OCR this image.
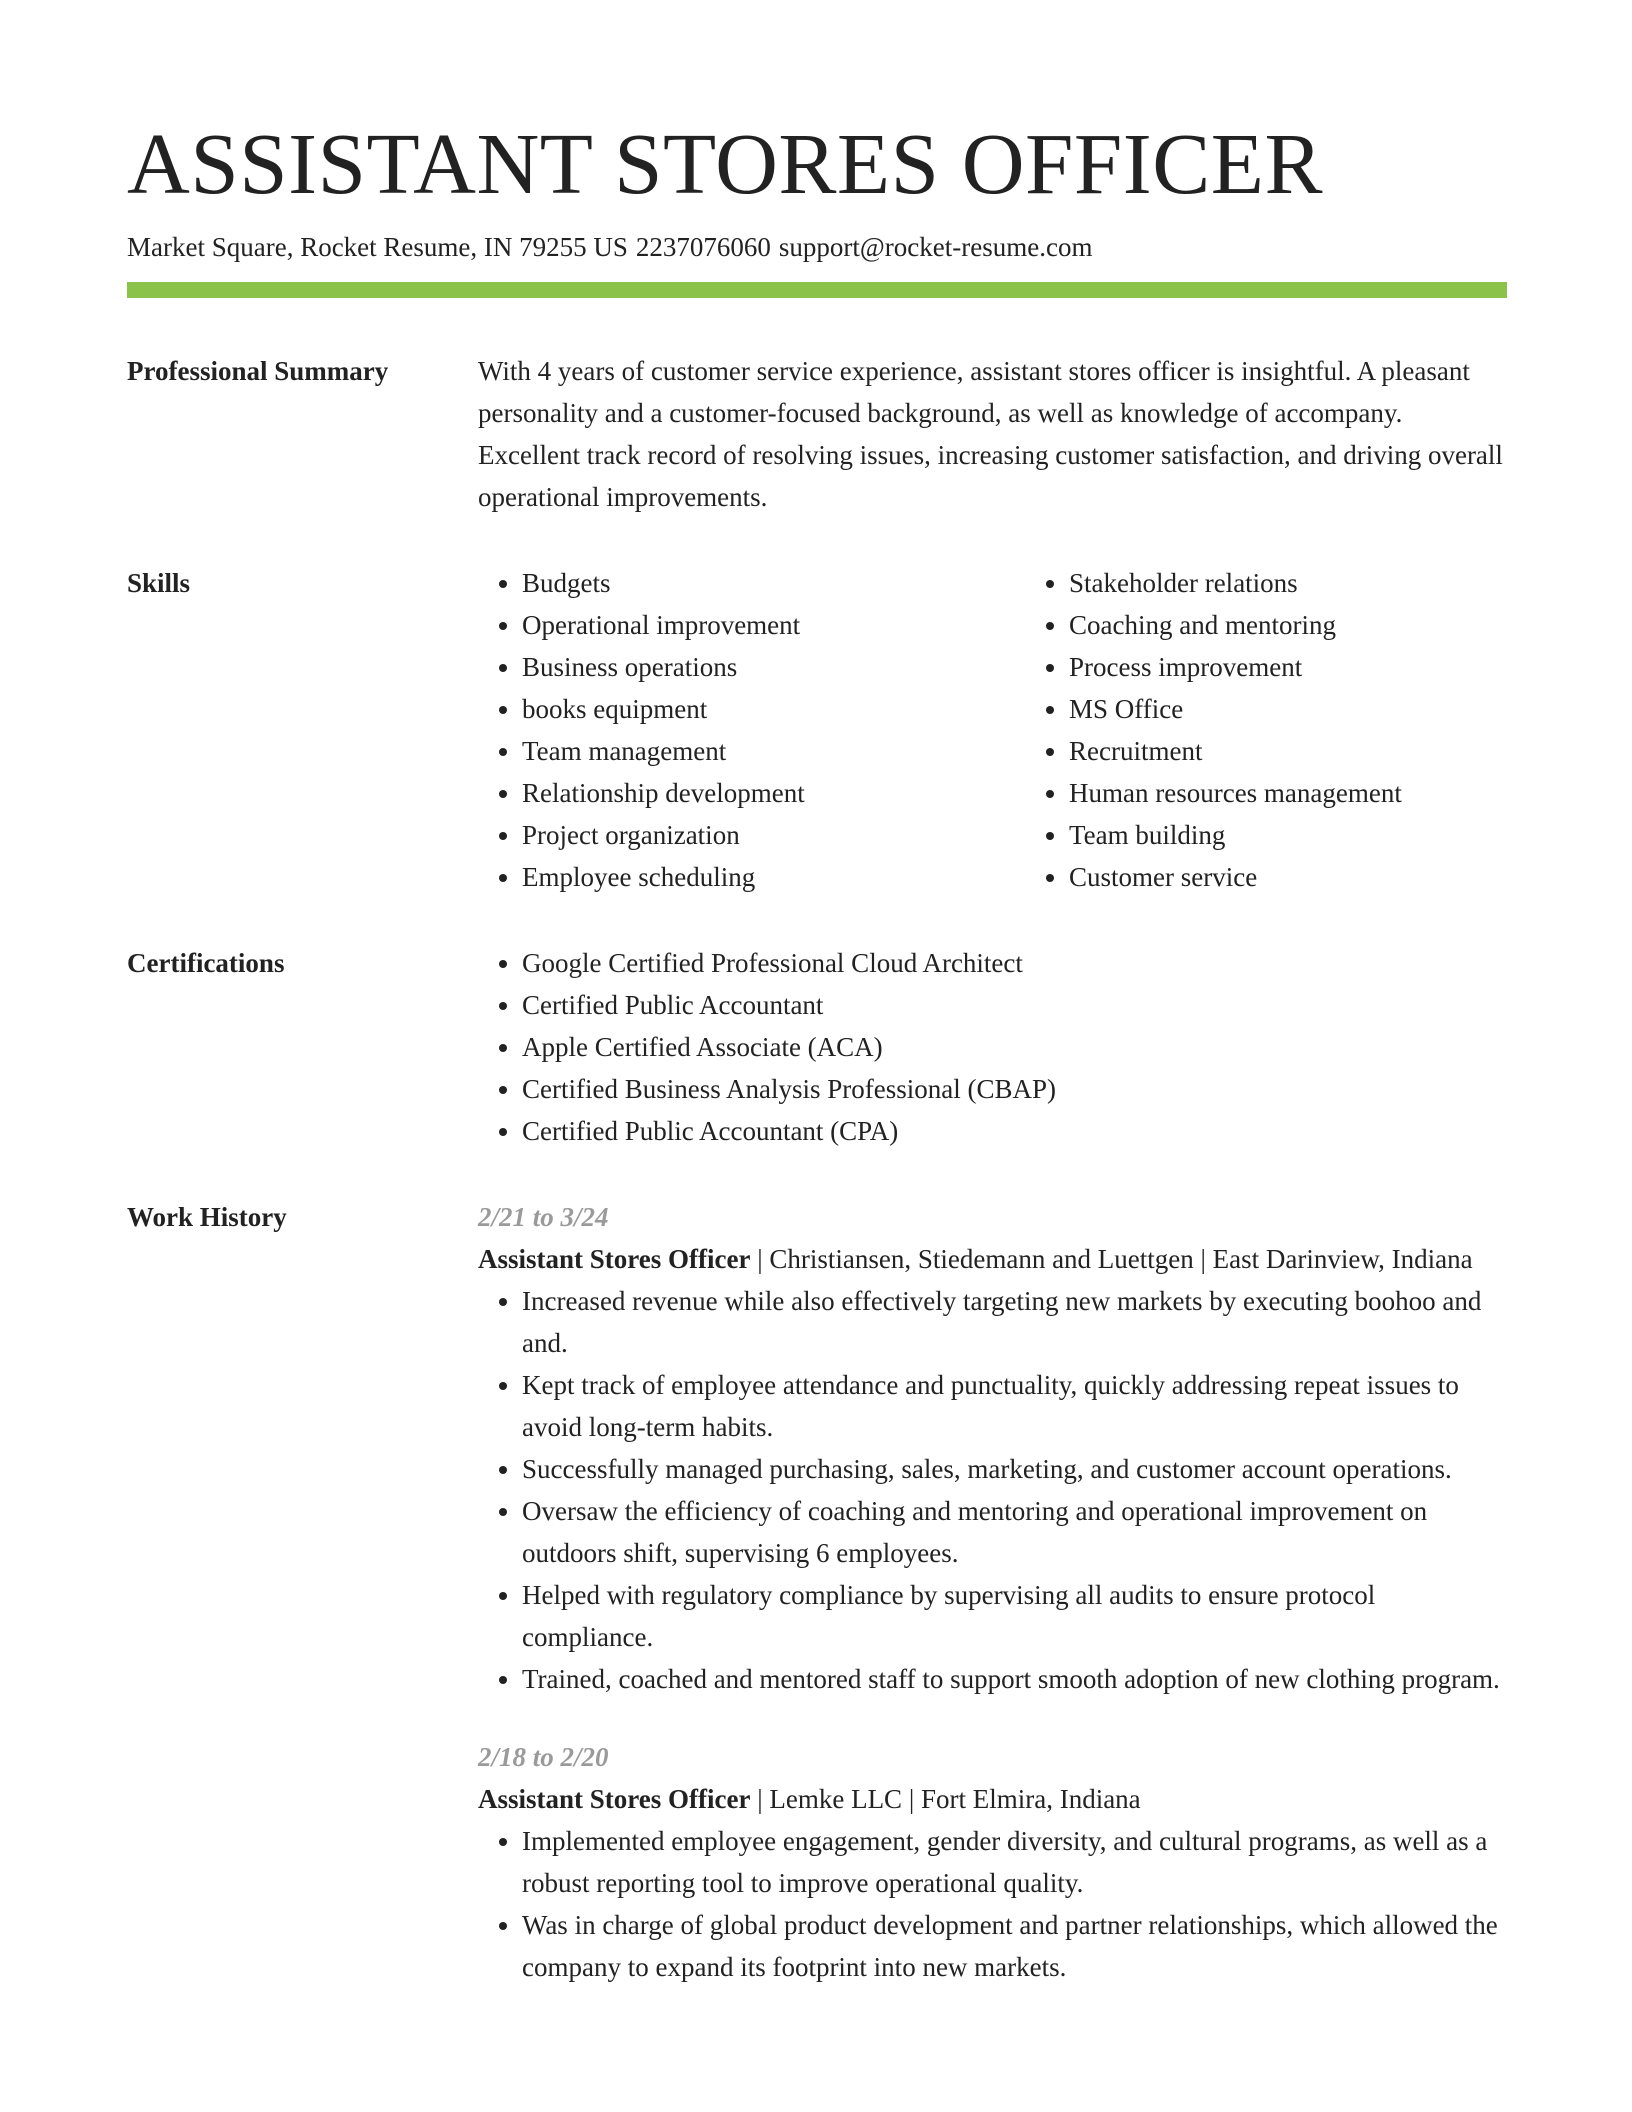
ASSISTANT STORES OFFICER
Market Square, Rocket Resume, IN 79255 US 2237076060 support@rocket-resume.com
Professional Summary	With 4 years of customer service experience, assistant stores officer is insightful. A pleasant personality and a customer-focused background, as well as knowledge of accompany. Excellent track record of resolving issues, increasing customer satisfaction, and driving overall operational improvements.

Skills	• Budgets
• Operational improvement
• Business operations
• books equipment
• Team management
• Relationship development
• Project organization
• Employee scheduling
• Stakeholder relations
• Coaching and mentoring
• Process improvement
• MS Office
• Recruitment
• Human resources management
• Team building
• Customer service
Certifications	• Google Certified Professional Cloud Architect
• Certified Public Accountant
• Apple Certified Associate (ACA)
• Certified Business Analysis Professional (CBAP)
• Certified Public Accountant (CPA)
Work History	2/21 to 3/24
Assistant Stores Officer | Christiansen, Stiedemann and Luettgen | East Darinview, Indiana
• Increased revenue while also effectively targeting new markets by executing boohoo and and.
• Kept track of employee attendance and punctuality, quickly addressing repeat issues to avoid long-term habits.
• Successfully managed purchasing, sales, marketing, and customer account operations.
• Oversaw the efficiency of coaching and mentoring and operational improvement on outdoors shift, supervising 6 employees.
• Helped with regulatory compliance by supervising all audits to ensure protocol compliance.
• Trained, coached and mentored staff to support smooth adoption of new clothing program.
2/18 to 2/20
Assistant Stores Officer | Lemke LLC | Fort Elmira, Indiana
• Implemented employee engagement, gender diversity, and cultural programs, as well as a robust reporting tool to improve operational quality.
• Was in charge of global product development and partner relationships, which allowed the company to expand its footprint into new markets.
